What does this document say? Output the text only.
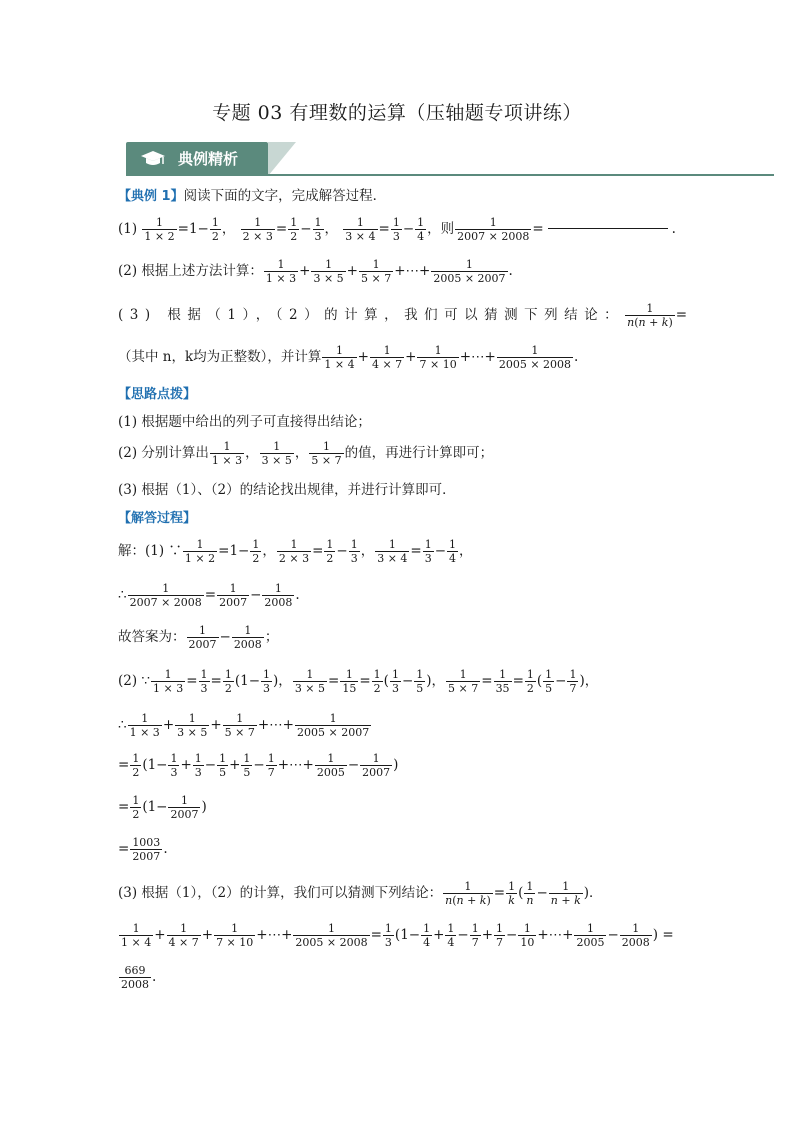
专题 03 有理数的运算（压轴题专项讲练）
典例精析
【典例 1】阅读下面的文字，完成解答过程．
$(1) \frac{1}{1 \times 2} =1- \frac{1}{2}$ ， $\frac{1}{2 \times 3} = \frac{1}{2} - \frac{1}{3}$ ， $\frac{1}{3 \times 4} = \frac{1}{3} - \frac{1}{4}$ ，则 $\frac{1}{2007 \times 2008}$ =	.
(2) 根据上述方法计算： $\frac{1}{1 \times 3} + \frac{1}{3 \times 5} + \frac{1}{5 \times 7}$ +⋯+ $\frac{1}{2005 \times 2007}$ .
(3) 根据（1），（2）的计算，我们可以猜测下列结论： $\frac{1}{n(n + k)}$ =
（其中 n，k均为正整数），并计算 $\frac{1}{1 \times 4} + \frac{1}{4 \times 7} + \frac{1}{7 \times 10}$ +⋯+ $\frac{1}{2005 \times 2008}$ .
【思路点拨】
(1) 根据题中给出的列子可直接得出结论；
(2) 分别计算出 $\frac{1}{1 \times 3}$ ， $\frac{1}{3 \times 5}$ ， $\frac{1}{5 \times 7}$ 的值，再进行计算即可；
(3) 根据（1）、（2）的结论找出规律，并进行计算即可．
【解答过程】
解：(1) ∵ $\frac{1}{1 \times 2} =1- \frac{1}{2}$ ， $\frac{1}{2 \times 3} = \frac{1}{2} - \frac{1}{3}$ ， $\frac{1}{3 \times 4} = \frac{1}{3} - \frac{1}{4}$ ，
∴ $\frac{1}{2007 \times 2008} = \frac{1}{2007} - \frac{1}{2008}$ .
故答案为： $\frac{1}{2007} - \frac{1}{2008}$ ；
(2) ∵ $\frac{1}{1 \times 3} = \frac{1}{3} = \frac{1}{2} (1- \frac{1}{3}$ )， $\frac{1}{3 \times 5} = \frac{1}{15} = \frac{1}{2}$ ( $\frac{1}{3} - \frac{1}{5}$ )， $\frac{1}{5 \times 7} = \frac{1}{35} = \frac{1}{2}$ ( $\frac{1}{5} - \frac{1}{7}$ )，
∴ $\frac{1}{1 \times 3} + \frac{1}{3 \times 5} + \frac{1}{5 \times 7}$ +⋯+ $\frac{1}{2005 \times 2007}$
= $\frac{1}{2} (1- \frac{1}{3} + \frac{1}{3} - \frac{1}{5} + \frac{1}{5} - \frac{1}{7}$ +⋯+ $\frac{1}{2005} - \frac{1}{2007}$ )
= $\frac{1}{2} (1- \frac{1}{2007}$ )
= $\frac{1003}{2007}$ .
(3) 根据（1），（2）的计算，我们可以猜测下列结论： $\frac{1}{n(n + k)} = \frac{1}{k}$ ( $\frac{1}{n} - \frac{1}{n + k}$ )．
$\frac{1}{1 \times 4} + \frac{1}{4 \times 7} + \frac{1}{7 \times 10}$ +⋯+ $\frac{1}{2005 \times 2008} = \frac{1}{3} (1- \frac{1}{4} + \frac{1}{4} - \frac{1}{7} + \frac{1}{7} - \frac{1}{10}$ +⋯+ $\frac{1}{2005} - \frac{1}{2008}$ ) =
$\frac{669}{2008}$ .
